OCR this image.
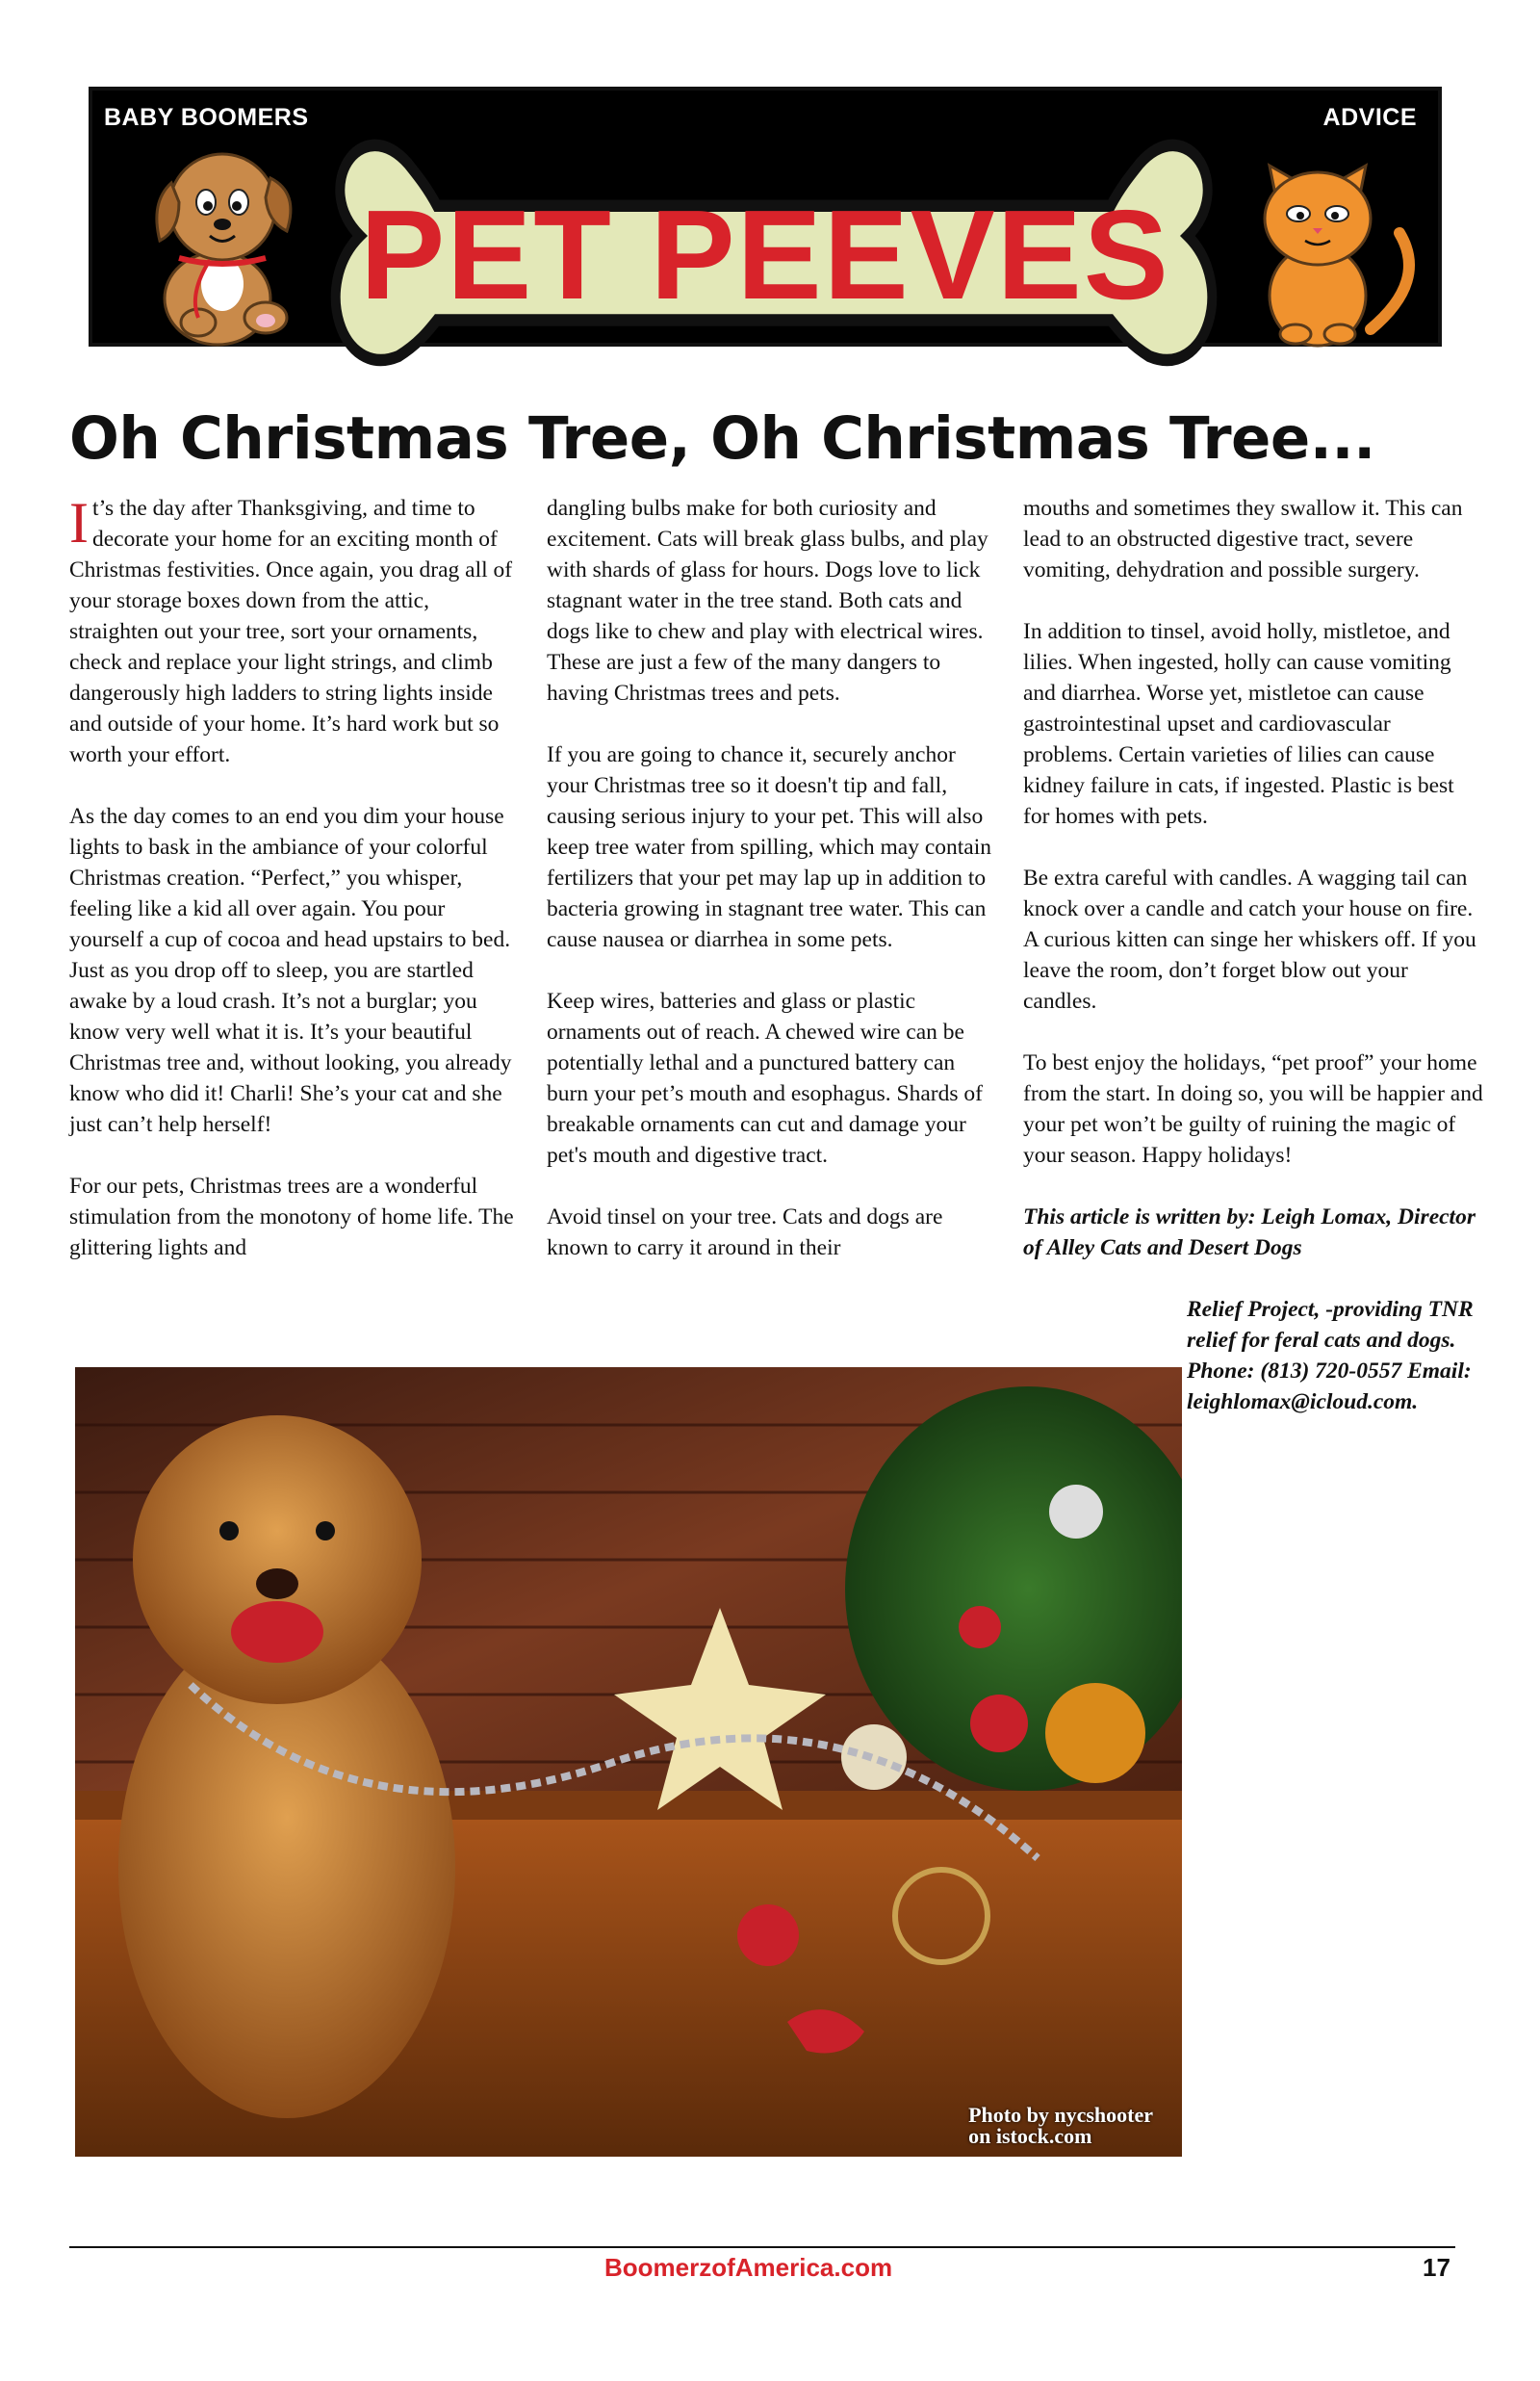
BABY BOOMERS	ADVICE
PET PEEVES
Oh Christmas Tree, Oh Christmas Tree...

It’s the day after Thanksgiving, and time to decorate your home for an exciting month of Christmas festivities. Once again, you drag all of your storage boxes down from the attic, straighten out your tree, sort your ornaments, check and replace your light strings, and climb dangerously high ladders to string lights inside and outside of your home. It’s hard work but so worth your effort.

As the day comes to an end you dim your house lights to bask in the ambiance of your colorful Christmas creation. “Perfect,” you whisper, feeling like a kid all over again. You pour yourself a cup of cocoa and head upstairs to bed. Just as you drop off to sleep, you are startled awake by a loud crash. It’s not a burglar; you know very well what it is. It’s your beautiful Christmas tree and, without looking, you already know who did it! Charli! She’s your cat and she just can’t help herself!

For our pets, Christmas trees are a wonderful stimulation from the monotony of home life. The glittering lights and

dangling bulbs make for both curiosity and excitement. Cats will break glass bulbs, and play with shards of glass for hours. Dogs love to lick stagnant water in the tree stand. Both cats and dogs like to chew and play with electrical wires. These are just a few of the many dangers to having Christmas trees and pets.

If you are going to chance it, securely anchor your Christmas tree so it doesn't tip and fall, causing serious injury to your pet. This will also keep tree water from spilling, which may contain fertilizers that your pet may lap up in addition to bacteria growing in stagnant tree water. This can cause nausea or diarrhea in some pets.

Keep wires, batteries and glass or plastic ornaments out of reach. A chewed wire can be potentially lethal and a punctured battery can burn your pet’s mouth and esophagus. Shards of breakable ornaments can cut and damage your pet's mouth and digestive tract.

Avoid tinsel on your tree. Cats and dogs are known to carry it around in their

mouths and sometimes they swallow it. This can lead to an obstructed digestive tract, severe vomiting, dehydration and possible surgery.

In addition to tinsel, avoid holly, mistletoe, and lilies. When ingested, holly can cause vomiting and diarrhea. Worse yet, mistletoe can cause gastrointestinal upset and cardiovascular problems. Certain varieties of lilies can cause kidney failure in cats, if ingested. Plastic is best for homes with pets.

Be extra careful with candles. A wagging tail can knock over a candle and catch your house on fire. A curious kitten can singe her whiskers off. If you leave the room, don’t forget blow out your candles.

To best enjoy the holidays, “pet proof” your home from the start. In doing so, you will be happier and your pet won’t be guilty of ruining the magic of your season. Happy holidays!

This article is written by: Leigh Lomax, Director of Alley Cats and Desert Dogs

Relief Project, -providing TNR relief for feral cats and dogs. Phone: (813) 720-0557 Email: leighlomax@icloud.com.

Photo by nycshooter
on istock.com
BoomerzofAmerica.com	17
